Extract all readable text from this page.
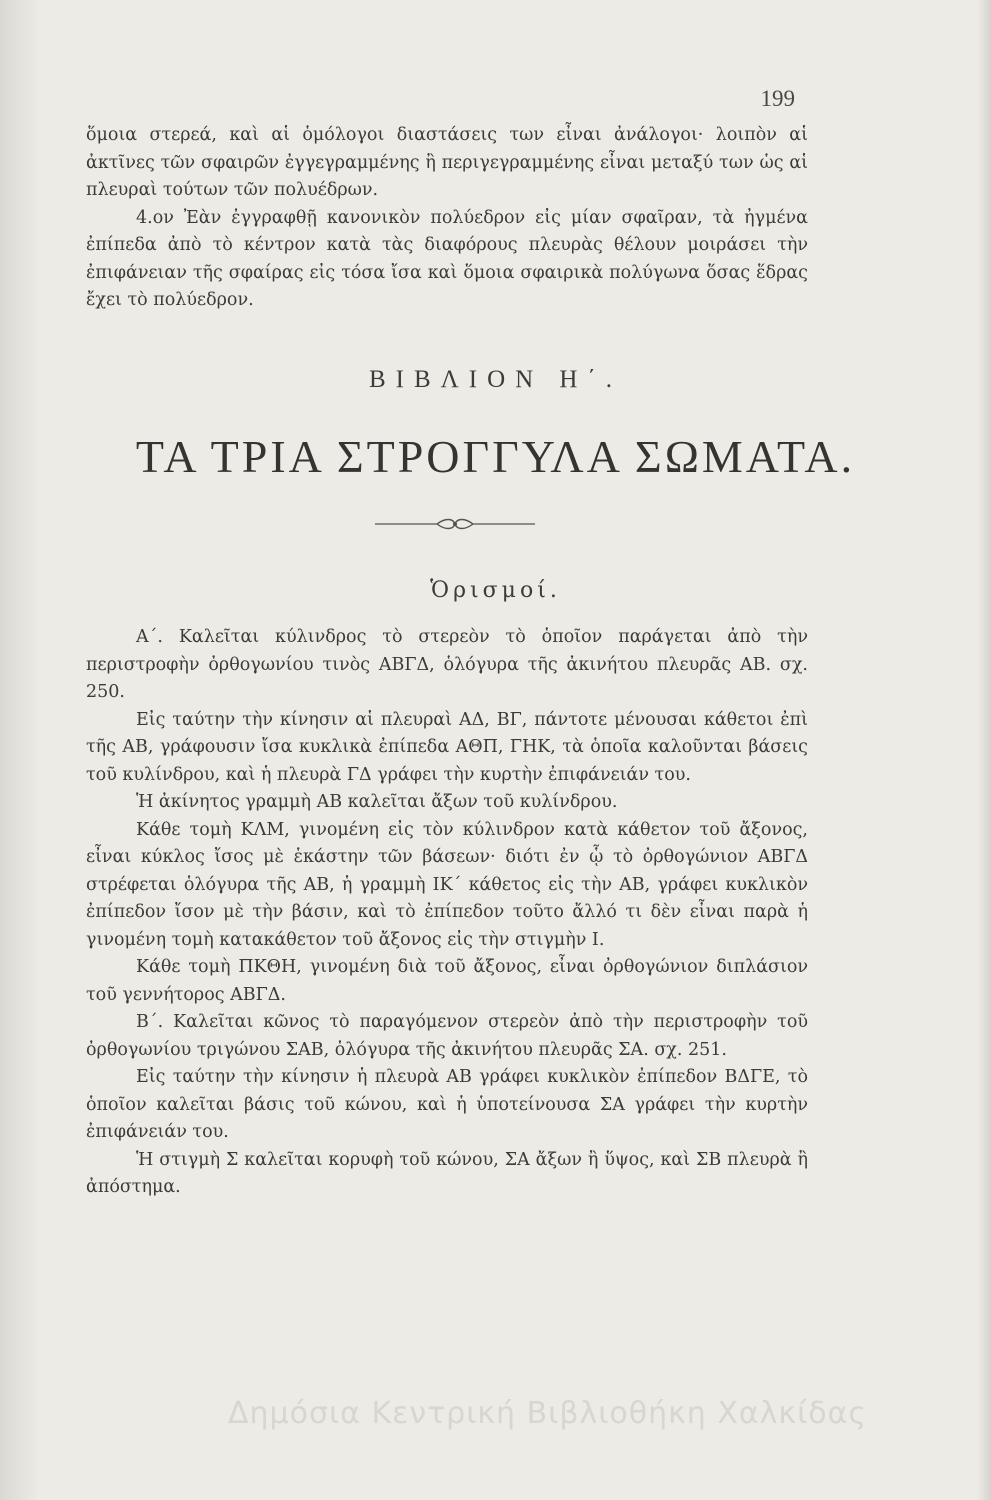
199

ὅμοια στερεά, καὶ αἱ ὁμόλογοι διαστάσεις των εἶναι ἀνάλογοι· λοιπὸν αἱ ἀκτῖνες τῶν σφαιρῶν ἐγγεγραμμένης ἢ περιγεγραμμένης εἶναι μεταξύ των ὡς αἱ πλευραὶ τούτων τῶν πολυέδρων.

4.ον Ἐὰν ἐγγραφθῇ κανονικὸν πολύεδρον εἰς μίαν σφαῖραν, τὰ ἠγμένα ἐπίπεδα ἀπὸ τὸ κέντρον κατὰ τὰς διαφόρους πλευρὰς θέλουν μοιράσει τὴν ἐπιφάνειαν τῆς σφαίρας εἰς τόσα ἴσα καὶ ὅμοια σφαιρικὰ πολύγωνα ὅσας ἕδρας ἔχει τὸ πολύεδρον.

ΒΙΒΛΙΟΝ Η΄.
ΤΑ ΤΡΙΑ ΣΤΡΟΓΓΥΛΑ ΣΩΜΑΤΑ.
Ὁρισμοί.

Α΄. Καλεῖται κύλινδρος τὸ στερεὸν τὸ ὁποῖον παράγεται ἀπὸ τὴν περιστροφὴν ὀρθογωνίου τινὸς ΑΒΓΔ, ὁλόγυρα τῆς ἀκινήτου πλευρᾶς ΑΒ. σχ. 250.

Εἰς ταύτην τὴν κίνησιν αἱ πλευραὶ ΑΔ, ΒΓ, πάντοτε μένουσαι κάθετοι ἐπὶ τῆς ΑΒ, γράφουσιν ἴσα κυκλικὰ ἐπίπεδα ΑΘΠ, ΓΗΚ, τὰ ὁποῖα καλοῦνται βάσεις τοῦ κυλίνδρου, καὶ ἡ πλευρὰ ΓΔ γράφει τὴν κυρτὴν ἐπιφάνειάν του.

Ἡ ἀκίνητος γραμμὴ ΑΒ καλεῖται ἄξων τοῦ κυλίνδρου.

Κάθε τομὴ ΚΛΜ, γινομένη εἰς τὸν κύλινδρον κατὰ κάθετον τοῦ ἄξονος, εἶναι κύκλος ἴσος μὲ ἑκάστην τῶν βάσεων· διότι ἐν ᾧ τὸ ὀρθογώνιον ΑΒΓΔ στρέφεται ὁλόγυρα τῆς ΑΒ, ἡ γραμμὴ ΙΚ΄ κάθετος εἰς τὴν ΑΒ, γράφει κυκλικὸν ἐπίπεδον ἴσον μὲ τὴν βάσιν, καὶ τὸ ἐπίπεδον τοῦτο ἄλλό τι δὲν εἶναι παρὰ ἡ γινομένη τομὴ κατακάθετον τοῦ ἄξονος εἰς τὴν στιγμὴν Ι.

Κάθε τομὴ ΠΚΘΗ, γινομένη διὰ τοῦ ἄξονος, εἶναι ὀρθογώνιον διπλάσιον τοῦ γεννήτορος ΑΒΓΔ.

Β΄. Καλεῖται κῶνος τὸ παραγόμενον στερεὸν ἀπὸ τὴν περιστροφὴν τοῦ ὀρθογωνίου τριγώνου ΣΑΒ, ὁλόγυρα τῆς ἀκινήτου πλευρᾶς ΣΑ. σχ. 251.

Εἰς ταύτην τὴν κίνησιν ἡ πλευρὰ ΑΒ γράφει κυκλικὸν ἐπίπεδον ΒΔΓΕ, τὸ ὁποῖον καλεῖται βάσις τοῦ κώνου, καὶ ἡ ὑποτείνουσα ΣΑ γράφει τὴν κυρτὴν ἐπιφάνειάν του.

Ἡ στιγμὴ Σ καλεῖται κορυφὴ τοῦ κώνου, ΣΑ ἄξων ἢ ὕψος, καὶ ΣΒ πλευρὰ ἢ ἀπόστημα.

Δημόσια Κεντρική Βιβλιοθήκη Χαλκίδας
